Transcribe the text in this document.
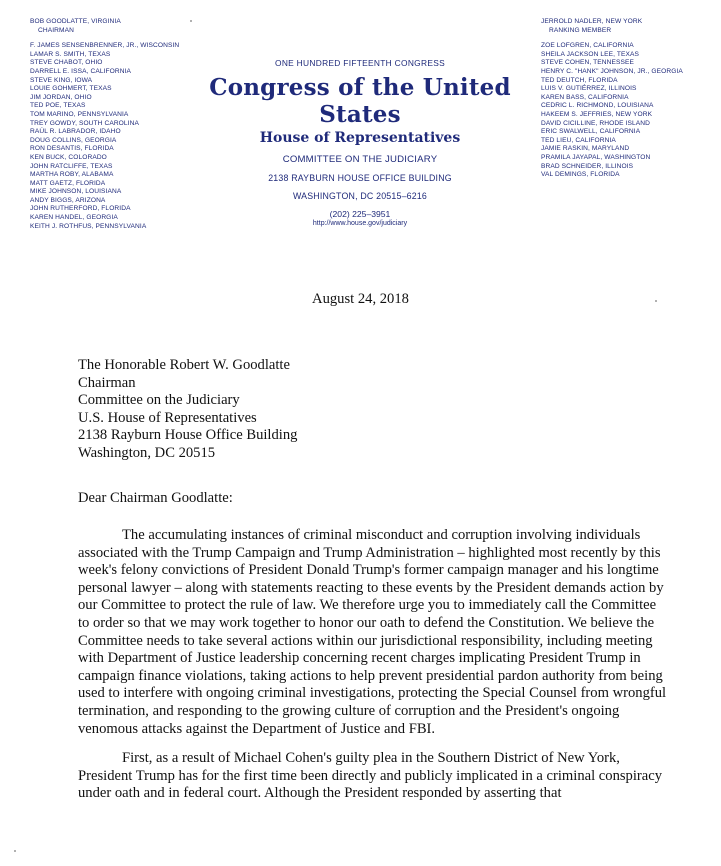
BOB GOODLATTE, VIRGINIA
CHAIRMAN
F. JAMES SENSENBRENNER, JR., WISCONSIN
LAMAR S. SMITH, TEXAS
STEVE CHABOT, OHIO
DARRELL E. ISSA, CALIFORNIA
STEVE KING, IOWA
LOUIE GOHMERT, TEXAS
JIM JORDAN, OHIO
TED POE, TEXAS
TOM MARINO, PENNSYLVANIA
TREY GOWDY, SOUTH CAROLINA
RAÚL R. LABRADOR, IDAHO
DOUG COLLINS, GEORGIA
RON DESANTIS, FLORIDA
KEN BUCK, COLORADO
JOHN RATCLIFFE, TEXAS
MARTHA ROBY, ALABAMA
MATT GAETZ, FLORIDA
MIKE JOHNSON, LOUISIANA
ANDY BIGGS, ARIZONA
JOHN RUTHERFORD, FLORIDA
KAREN HANDEL, GEORGIA
KEITH J. ROTHFUS, PENNSYLVANIA
JERROLD NADLER, NEW YORK
RANKING MEMBER
ZOE LOFGREN, CALIFORNIA
SHEILA JACKSON LEE, TEXAS
STEVE COHEN, TENNESSEE
HENRY C. "HANK" JOHNSON, JR., GEORGIA
TED DEUTCH, FLORIDA
LUIS V. GUTIÉRREZ, ILLINOIS
KAREN BASS, CALIFORNIA
CEDRIC L. RICHMOND, LOUISIANA
HAKEEM S. JEFFRIES, NEW YORK
DAVID CICILLINE, RHODE ISLAND
ERIC SWALWELL, CALIFORNIA
TED LIEU, CALIFORNIA
JAMIE RASKIN, MARYLAND
PRAMILA JAYAPAL, WASHINGTON
BRAD SCHNEIDER, ILLINOIS
VAL DEMINGS, FLORIDA
ONE HUNDRED FIFTEENTH CONGRESS
Congress of the United States
House of Representatives
COMMITTEE ON THE JUDICIARY
2138 RAYBURN HOUSE OFFICE BUILDING
WASHINGTON, DC 20515–6216
(202) 225–3951
http://www.house.gov/judiciary
August 24, 2018
The Honorable Robert W. Goodlatte
Chairman
Committee on the Judiciary
U.S. House of Representatives
2138 Rayburn House Office Building
Washington, DC 20515
Dear Chairman Goodlatte:

The accumulating instances of criminal misconduct and corruption involving individuals associated with the Trump Campaign and Trump Administration – highlighted most recently by this week's felony convictions of President Donald Trump's former campaign manager and his longtime personal lawyer – along with statements reacting to these events by the President demands action by our Committee to protect the rule of law. We therefore urge you to immediately call the Committee to order so that we may work together to honor our oath to defend the Constitution. We believe the Committee needs to take several actions within our jurisdictional responsibility, including meeting with Department of Justice leadership concerning recent charges implicating President Trump in campaign finance violations, taking actions to help prevent presidential pardon authority from being used to interfere with ongoing criminal investigations, protecting the Special Counsel from wrongful termination, and responding to the growing culture of corruption and the President's ongoing venomous attacks against the Department of Justice and FBI.

First, as a result of Michael Cohen's guilty plea in the Southern District of New York, President Trump has for the first time been directly and publicly implicated in a criminal conspiracy under oath and in federal court. Although the President responded by asserting that
